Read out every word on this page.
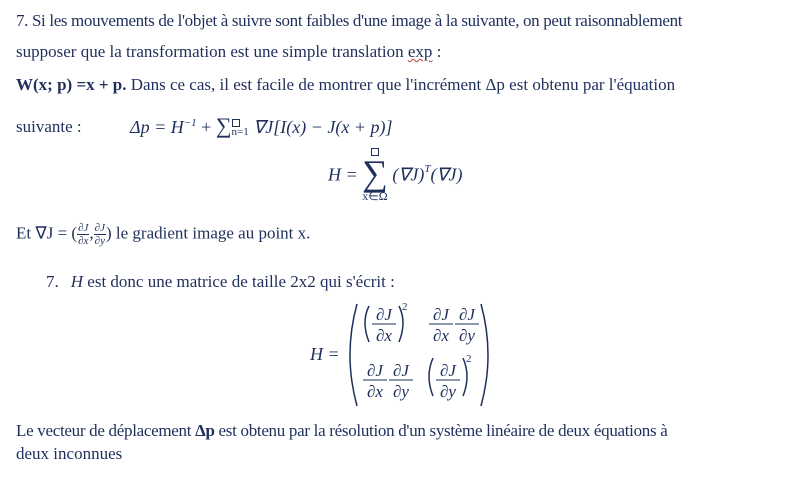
7. Si les mouvements de l'objet à suivre sont faibles d'une image à la suivante, on peut raisonnablement
supposer que la transformation est une simple translation exp :
W(x; p) =x + p. Dans ce cas, il est facile de montrer que l'incrément Δp est obtenu par l'équation
suivante :	$\Delta p = H^{-1}$ + ∑ n=1 ∇J[I(x) − J(x + p)]
H = ∑
x∈Ω
$(\nabla J)^T(\nabla J)$
Et ∇J = ( $\frac{\partial J}{\partial x}$ , $\frac{\partial J}{\partial y}$ ) le gradient image au point x.
7. H est donc une matrice de taille 2x2 qui s'écrit :
H =
∂J
∂x
∂J
∂x
∂J
∂y
∂J
∂x
∂J
∂y
∂J
∂y
2
2
Le vecteur de déplacement Δp est obtenu par la résolution d'un système linéaire de deux équations à
deux inconnues
